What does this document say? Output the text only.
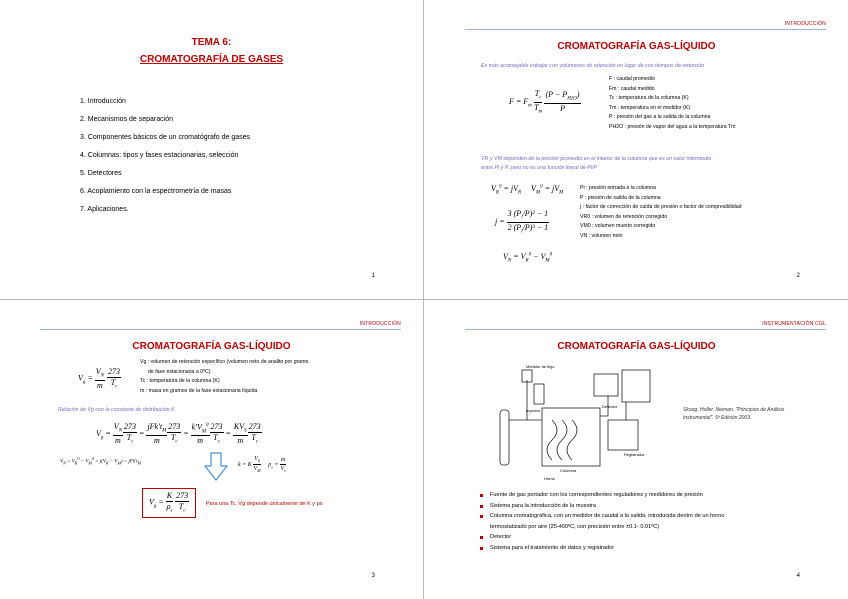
TEMA 6:
CROMATOGRAFÍA DE GASES
1. Introducción
2. Mecanismos de separación
3. Componentes básicos de un cromatógrafo de gases
4. Columnas: tipos y fases estacionarias, selección
5. Detectores
6. Acoplamiento con la espectrometría de masas
7. Aplicaciones.
1
INTRODUCCIÓN
CROMATOGRAFÍA GAS-LÍQUIDO
Es más aconsejable trabajar con volúmenes de retención en lugar de con tiempos de retención
$F = F_m \frac{T_c}{T_m}$
$\frac{(P - P_{H2O})}{P}$
F : caudal promedio
Fm : caudal medido
Tc : temperatura de la columna (K)
Tm : temperatura en el medidor (K)
P : presión del gas a la salida de la columna
PH2O : presión de vapor del agua a la temperatura Tm
VR y VM dependen de la presión promedio en el interior de la columna que es un valor intermedio
entre Pi y P, pero no es una función lineal de Pi/P
$V_R^0 = jV_R$     $V_M^0 = jV_M$
$j = \frac{3 (P_i/P)^2 - 1}{2 (P_i/P)^3 - 1}$
$V_N = V_R^0 - V_M^0$
Pi : presión entrada a la columna
P : presión de salida de la columna
j : factor de corrección de caída de presión o factor de compresibilidad
VR0 : volumen de retención corregido
VM0 : volumen muerto corregido
VN : volumen neto
2
INTRODUCCIÓN
CROMATOGRAFÍA GAS-LÍQUIDO
$V_g = \frac{V_N}{m}$
$\frac{273}{T_c}$
Vg : volumen de retención específico (volumen neto de analito por gramo
de fase estacionaria a 0ºC)
Tc : temperatura de la columna (K)
m : masa en gramos de la fase estacionaria líquida
Relación de Vg con la constante de distribución K
$V_g = \frac{V_N}{m} \frac{273}{T_c} = \frac{jFk't_M}{m} \frac{273}{T_c} = \frac{k'V_M^0}{m} \frac{273}{T_c} = \frac{KV_S}{m} \frac{273}{T_c}$
$V_N = V_R^0 - V_M^0 = j(V_R - V_M) = jFk't_M$	k = K $\frac{V_S}{V_M} \rho_s = \frac{m}{V_s}$
$V_g = \frac{K}{\rho_s}$
$\frac{273}{T_c}$	Para una Tc, Vg depende únicamente de K y ρs
3
INSTRUMENTACIÓN CGL
CROMATOGRAFÍA GAS-LÍQUIDO
Medidor de flujo
Inyector
Columna
Detector
Registrador
Horno
Skoog, Holler, Nieman, "Principios de Análisis
Instrumental". 5ª Edición 2003.
Fuente de gas portador con los correspondientes reguladores y medidores de presión
Sistema para la introducción de la muestra
Columna cromatográfica, con un medidor de caudal a la salida, introducida dentro de un horno
termostatizado por aire (25-400ºC, con precisión entre ±0.1- 0.01ºC)
Detector
Sistema para el tratamiento de datos y registrador
4
